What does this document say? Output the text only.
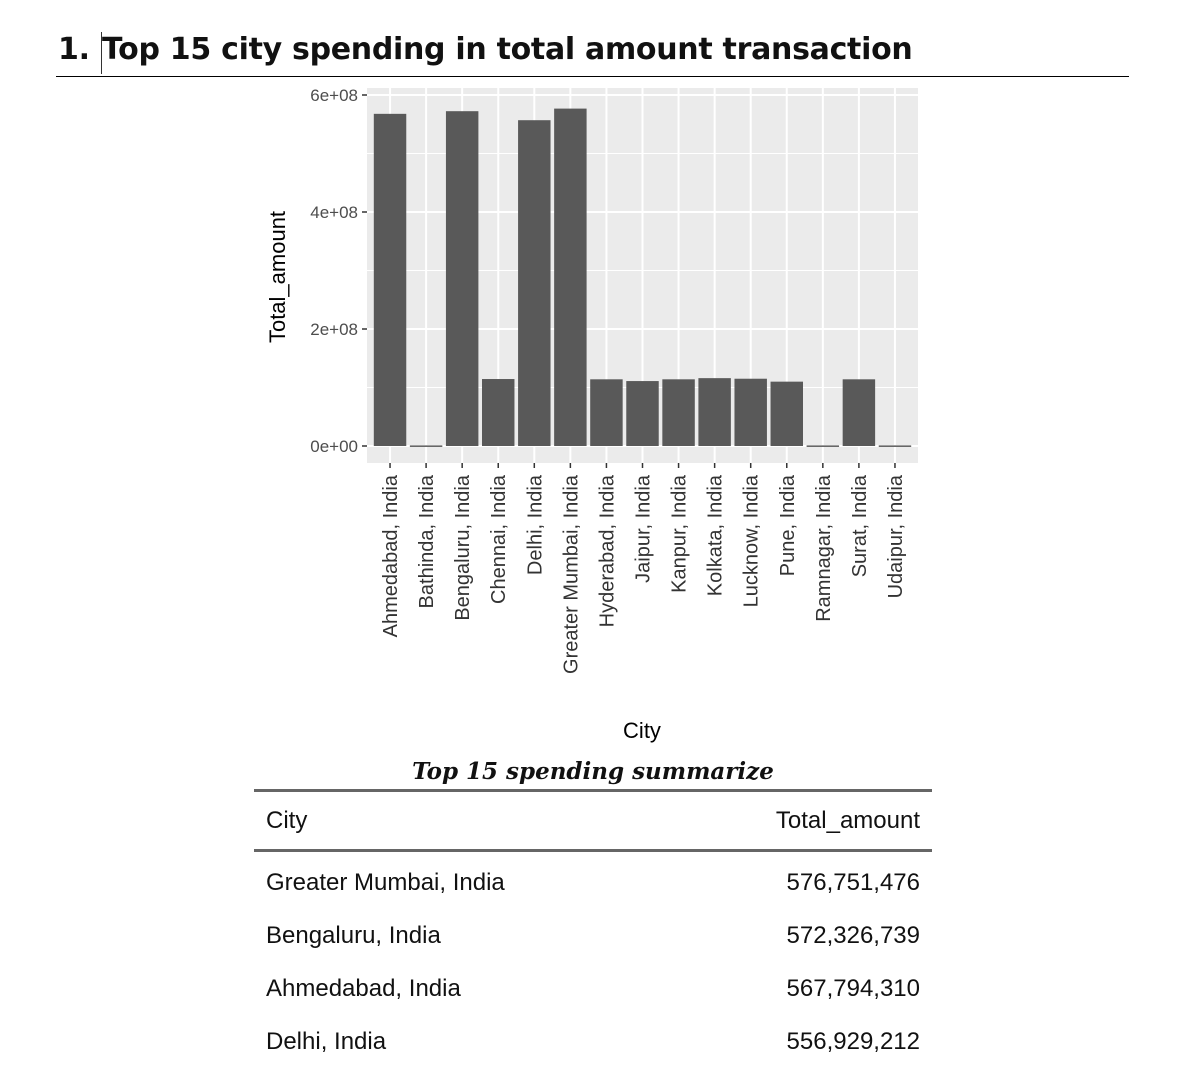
1. Top 15 city spending in total amount transaction
0e+00
2e+08
4e+08
6e+08
Ahmedabad, India Bathinda, India Bengaluru, India Chennai, India Delhi, India Greater Mumbai, India Hyderabad, India Jaipur, India Kanpur, India Kolkata, India Lucknow, India Pune, India Ramnagar, India Surat, India Udaipur, India
Total_amount
City
Top 15 spending summarize
City	Total_amount
Greater Mumbai, India	576,751,476
Bengaluru, India	572,326,739
Ahmedabad, India	567,794,310
Delhi, India	556,929,212
